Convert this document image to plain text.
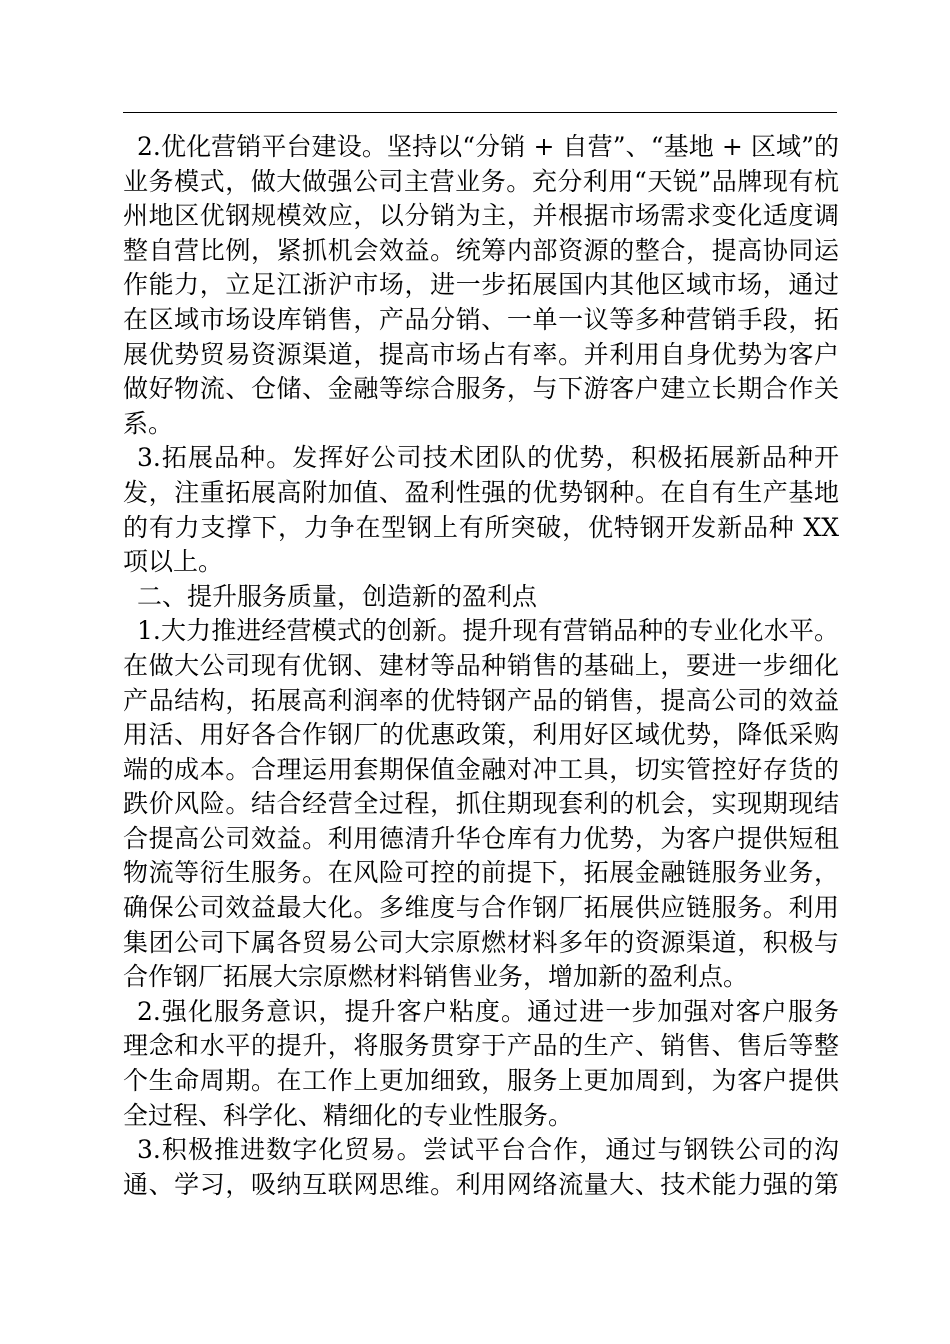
2.优化营销平台建设。坚持以“分销 + 自营”、“基地 + 区域”的
业务模式，做大做强公司主营业务。充分利用“天锐”品牌现有杭
州地区优钢规模效应，以分销为主，并根据市场需求变化适度调
整自营比例，紧抓机会效益。统筹内部资源的整合，提高协同运
作能力，立足江浙沪市场，进一步拓展国内其他区域市场，通过
在区域市场设库销售，产品分销、一单一议等多种营销手段，拓
展优势贸易资源渠道，提高市场占有率。并利用自身优势为客户
做好物流、仓储、金融等综合服务，与下游客户建立长期合作关
系。
3.拓展品种。发挥好公司技术团队的优势，积极拓展新品种开
发，注重拓展高附加值、盈利性强的优势钢种。在自有生产基地
的有力支撑下，力争在型钢上有所突破，优特钢开发新品种 XX
项以上。
二、提升服务质量，创造新的盈利点
1.大力推进经营模式的创新。提升现有营销品种的专业化水平。
在做大公司现有优钢、建材等品种销售的基础上，要进一步细化
产品结构，拓展高利润率的优特钢产品的销售，提高公司的效益
用活、用好各合作钢厂的优惠政策，利用好区域优势，降低采购
端的成本。合理运用套期保值金融对冲工具，切实管控好存货的
跌价风险。结合经营全过程，抓住期现套利的机会，实现期现结
合提高公司效益。利用德清升华仓库有力优势，为客户提供短租
物流等衍生服务。在风险可控的前提下，拓展金融链服务业务，
确保公司效益最大化。多维度与合作钢厂拓展供应链服务。利用
集团公司下属各贸易公司大宗原燃材料多年的资源渠道，积极与
合作钢厂拓展大宗原燃材料销售业务，增加新的盈利点。
2.强化服务意识，提升客户粘度。通过进一步加强对客户服务
理念和水平的提升，将服务贯穿于产品的生产、销售、售后等整
个生命周期。在工作上更加细致，服务上更加周到，为客户提供
全过程、科学化、精细化的专业性服务。
3.积极推进数字化贸易。尝试平台合作，通过与钢铁公司的沟
通、学习，吸纳互联网思维。利用网络流量大、技术能力强的第
